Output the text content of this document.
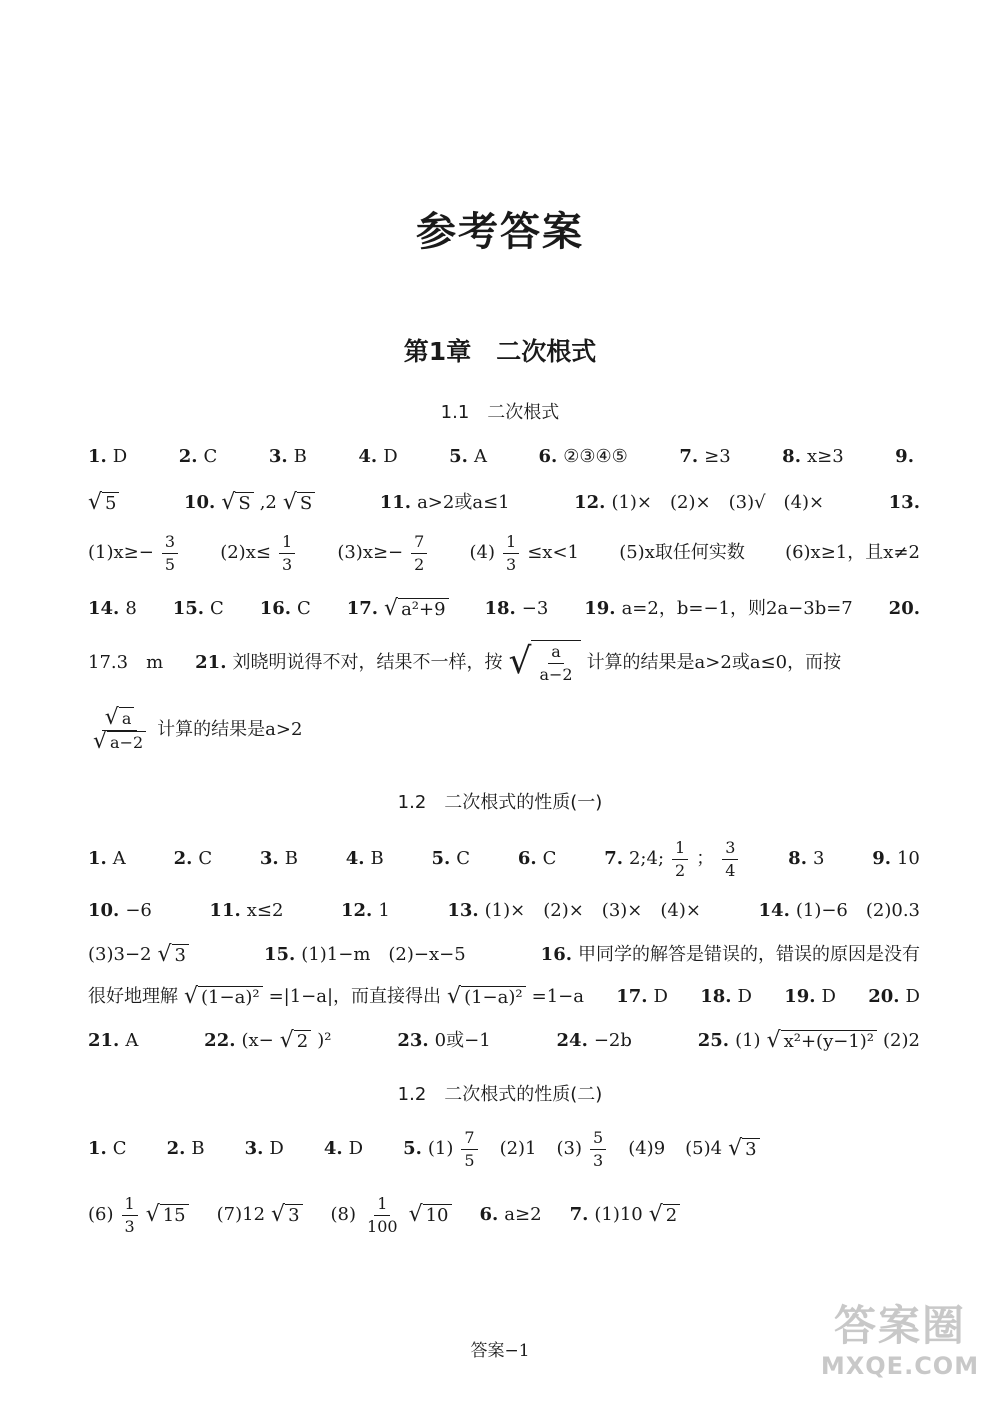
参考答案
第1章　二次根式
1.1　二次根式
1. D	2. C	3. B	4. D	5. A	6. ②③④⑤	7. ≥3	8. x≥3	9.
√ 5	10. √ S ,2 √ S	11. a>2或a≤1	12. (1)×　(2)×　(3)√　(4)×	13.
$(1)x\ge- \frac{3}{5} (2)x\le \frac{1}{3} (3)x\ge- \frac{7}{2} (4) \frac{1}{3} \le x<1$ (5)x取任何实数 (6)x≥1，且x≠2
14. 8 15. C 16. C 17. √ a²+9 18. −3 19. a=2，b=−1，则2a−3b=7 20.
17.3　m 21. 刘晓明说得不对，结果不一样，按 √ $\frac{a}{a-2}$ 计算的结果是a>2或a≤0，而按
$\frac{√ a}{√ a-2}$ 计算的结果是a>2
1.2　二次根式的性质(一)
1. A	2. C	3. B	4. B	5. C	6. C	7. 2;4; $\frac{1}{2}$ ； $\frac{3}{4}$	8. 3	9. 10
10. −6	11. x≤2	12. 1	13. (1)×　(2)×　(3)×　(4)×	14. (1)−6　(2)0.3
(3)3−2 √ 3	15. (1)1−m　(2)−x−5	16. 甲同学的解答是错误的，错误的原因是没有
很好地理解 √ (1−a)² =|1−a|，而直接得出 √ (1−a)² =1−a 17. D 18. D 19. D 20. D
21. A	22. (x− √ 2 )²	23. 0或−1	24. −2b	25. (1) √ x²+(y−1)² (2)2
1.2　二次根式的性质(二)
1. C 2. B 3. D 4. D 5. $(1) \frac{7}{5} (2)1$ $(3) \frac{5}{3} (4)9$ (5)4 √ 3
$(6) \frac{1}{3}$ √ 15 (7)12 √ 3 $(8) \frac{1}{100}$ √ 10 6. a≥2 7. (1)10 √ 2
答案−1
答案圈
MXQE.COM
